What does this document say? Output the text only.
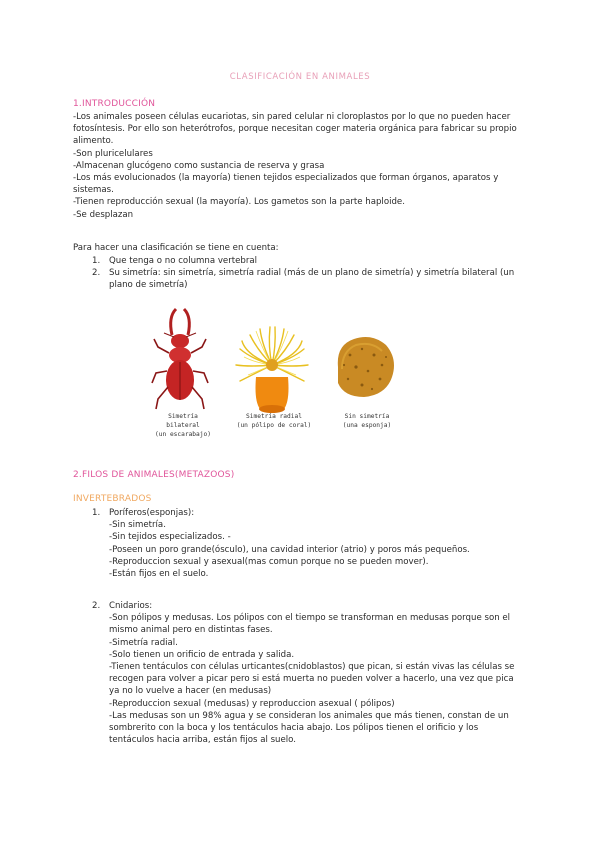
CLASIFICACIÓN EN ANIMALES
1.INTRODUCCIÓN

-Los animales poseen células eucariotas, sin pared celular ni cloroplastos por lo que no pueden hacer

fotosíntesis. Por ello son heterótrofos, porque necesitan coger materia orgánica para fabricar su propio

alimento.

-Son pluricelulares

-Almacenan glucógeno como sustancia de reserva y grasa

-Los más evolucionados (la mayoría) tienen tejidos especializados que forman órganos, aparatos y

sistemas.

-Tienen reproducción sexual (la mayoría). Los gametos son la parte haploide.

-Se desplazan

Para hacer una clasificación se tiene en cuenta:
1. Que tenga o no columna vertebral
2. Su simetría: sin simetría, simetría radial (más de un plano de simetría) y simetría bilateral (un
plano de simetría)
Simetría bilateral
(un escarabajo)
Simetría radial
(un pólipo de coral)
Sin simetría
(una esponja)
2.FILOS DE ANIMALES(METAZOOS)
INVERTEBRADOS
1. Poríferos(esponjas):
-Sin simetría.
-Sin tejidos especializados. -
-Poseen un poro grande(ósculo), una cavidad interior (atrio) y poros más pequeños.
-Reproduccion sexual y asexual(mas comun porque no se pueden mover).
-Están fijos en el suelo.
2. Cnidarios:
-Son pólipos y medusas. Los pólipos con el tiempo se transforman en medusas porque son el
mismo animal pero en distintas fases.
-Simetría radial.
-Solo tienen un orificio de entrada y salida.
-Tienen tentáculos con células urticantes(cnidoblastos) que pican, si están vivas las células se
recogen para volver a picar pero si está muerta no pueden volver a hacerlo, una vez que pica
ya no lo vuelve a hacer (en medusas)
-Reproduccion sexual (medusas) y reproduccion asexual ( pólipos)
-Las medusas son un 98% agua y se consideran los animales que más tienen, constan de un
sombrerito con la boca y los tentáculos hacia abajo. Los pólipos tienen el orificio y los
tentáculos hacia arriba, están fijos al suelo.
